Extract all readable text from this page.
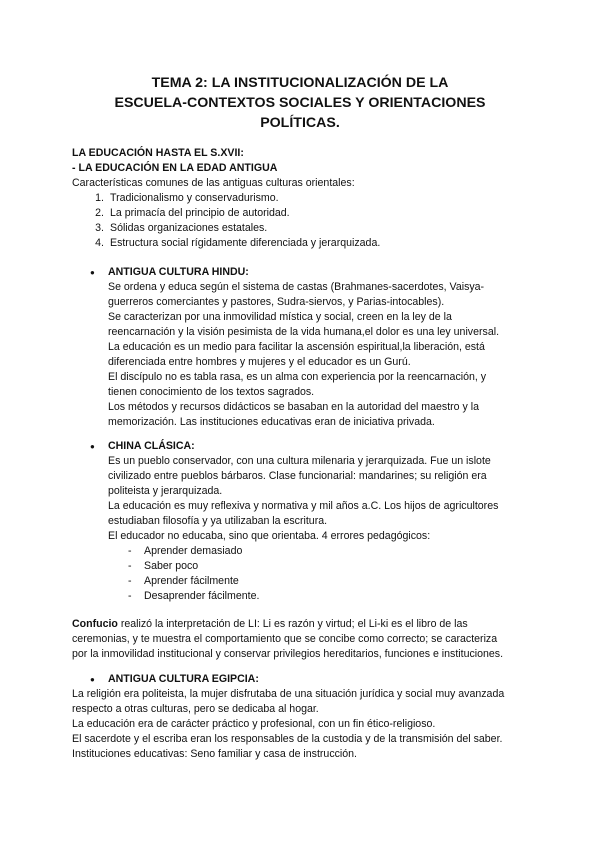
TEMA 2: LA INSTITUCIONALIZACIÓN DE LA
ESCUELA-CONTEXTOS SOCIALES Y ORIENTACIONES
POLÍTICAS.
LA EDUCACIÓN HASTA EL S.XVII:
- LA EDUCACIÓN EN LA EDAD ANTIGUA
Características comunes de las antiguas culturas orientales:
1. Tradicionalismo y conservadurismo.
2. La primacía del principio de autoridad.
3. Sólidas organizaciones estatales.
4. Estructura social rígidamente diferenciada y jerarquizada.
● ANTIGUA CULTURA HINDU:
Se ordena y educa según el sistema de castas (Brahmanes-sacerdotes, Vaisya-
guerreros comerciantes y pastores, Sudra-siervos, y Parias-intocables).
Se caracterizan por una inmovilidad mística y social, creen en la ley de la
reencarnación y la visión pesimista de la vida humana,el dolor es una ley universal.
La educación es un medio para facilitar la ascensión espiritual,la liberación, está
diferenciada entre hombres y mujeres y el educador es un Gurú.
El discípulo no es tabla rasa, es un alma con experiencia por la reencarnación, y
tienen conocimiento de los textos sagrados.
Los métodos y recursos didácticos se basaban en la autoridad del maestro y la
memorización. Las instituciones educativas eran de iniciativa privada.
● CHINA CLÁSICA:
Es un pueblo conservador, con una cultura milenaria y jerarquizada. Fue un islote
civilizado entre pueblos bárbaros. Clase funcionarial: mandarines; su religión era
politeista y jerarquizada.
La educación es muy reflexiva y normativa y mil años a.C. Los hijos de agricultores
estudiaban filosofía y ya utilizaban la escritura.
El educador no educaba, sino que orientaba. 4 errores pedagógicos:
- Aprender demasiado
- Saber poco
- Aprender fácilmente
- Desaprender fácilmente.
Confucio realizó la interpretación de LI: Li es razón y virtud; el Li-ki es el libro de las
ceremonias, y te muestra el comportamiento que se concibe como correcto; se caracteriza
por la inmovilidad institucional y conservar privilegios hereditarios, funciones e instituciones.
● ANTIGUA CULTURA EGIPCIA:
La religión era politeista, la mujer disfrutaba de una situación jurídica y social muy avanzada
respecto a otras culturas, pero se dedicaba al hogar.
La educación era de carácter práctico y profesional, con un fin ético-religioso.
El sacerdote y el escriba eran los responsables de la custodia y de la transmisión del saber.
Instituciones educativas: Seno familiar y casa de instrucción.
